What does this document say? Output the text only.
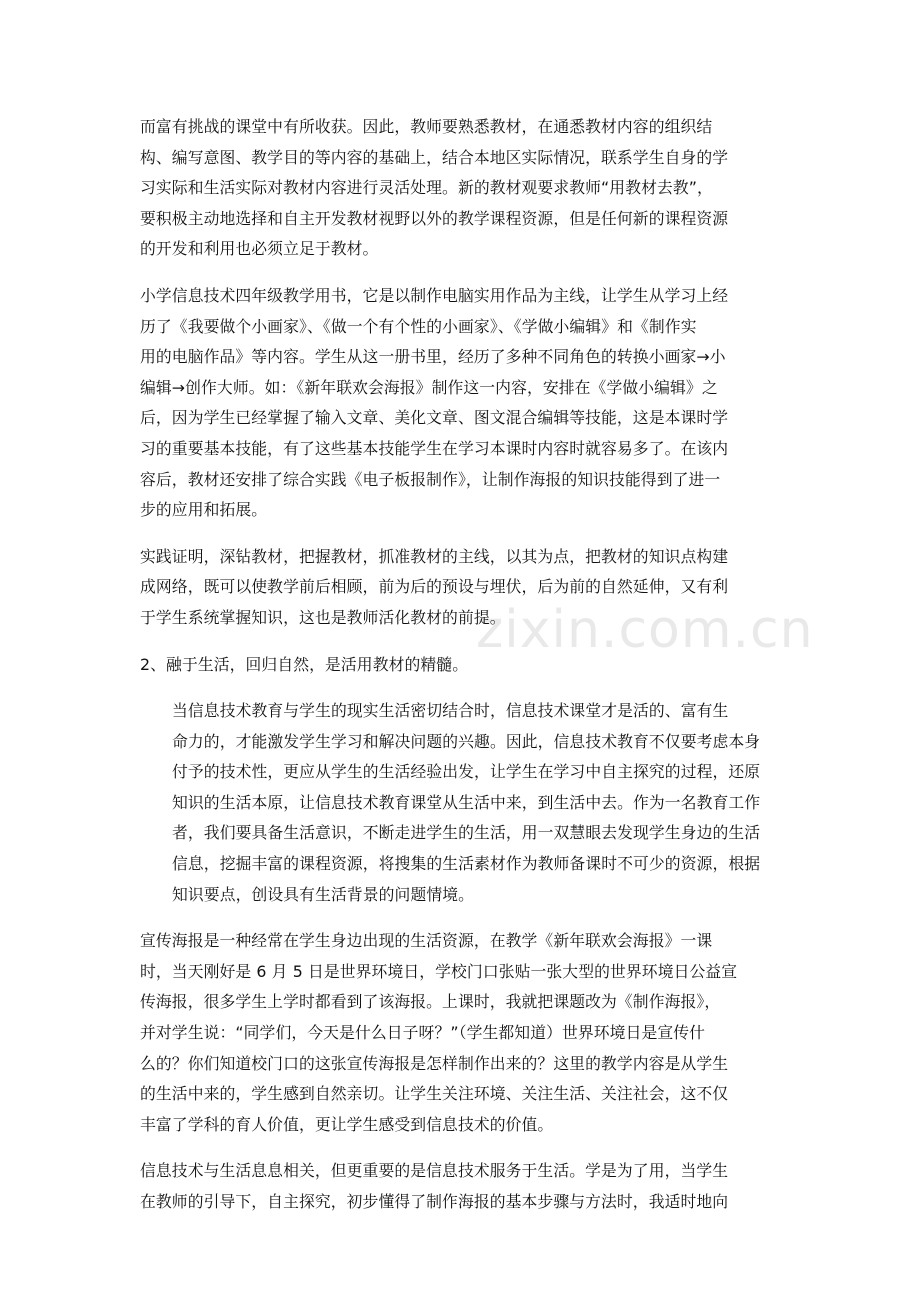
zixin.com.cn

而富有挑战的课堂中有所收获。因此，教师要熟悉教材，在通悉教材内容的组织结
构、编写意图、教学目的等内容的基础上，结合本地区实际情况，联系学生自身的学
习实际和生活实际对教材内容进行灵活处理。新的教材观要求教师“用教材去教”，
要积极主动地选择和自主开发教材视野以外的教学课程资源，但是任何新的课程资源
的开发和利用也必须立足于教材。

小学信息技术四年级教学用书，它是以制作电脑实用作品为主线，让学生从学习上经
历了《我要做个小画家》、《做一个有个性的小画家》、《学做小编辑》和《制作实
用的电脑作品》等内容。学生从这一册书里，经历了多种不同角色的转换小画家→小
编辑→创作大师。如：《新年联欢会海报》制作这一内容，安排在《学做小编辑》之
后，因为学生已经掌握了输入文章、美化文章、图文混合编辑等技能，这是本课时学
习的重要基本技能，有了这些基本技能学生在学习本课时内容时就容易多了。在该内
容后，教材还安排了综合实践《电子板报制作》，让制作海报的知识技能得到了进一
步的应用和拓展。

实践证明，深钻教材，把握教材，抓准教材的主线，以其为点，把教材的知识点构建
成网络，既可以使教学前后相顾，前为后的预设与埋伏，后为前的自然延伸，又有利
于学生系统掌握知识，这也是教师活化教材的前提。

2、融于生活，回归自然，是活用教材的精髓。

当信息技术教育与学生的现实生活密切结合时，信息技术课堂才是活的、富有生
命力的，才能激发学生学习和解决问题的兴趣。因此，信息技术教育不仅要考虑本身
付予的技术性，更应从学生的生活经验出发，让学生在学习中自主探究的过程，还原
知识的生活本原，让信息技术教育课堂从生活中来，到生活中去。作为一名教育工作
者，我们要具备生活意识，不断走进学生的生活，用一双慧眼去发现学生身边的生活
信息，挖掘丰富的课程资源，将搜集的生活素材作为教师备课时不可少的资源，根据
知识要点，创设具有生活背景的问题情境。

宣传海报是一种经常在学生身边出现的生活资源，在教学《新年联欢会海报》一课
时，当天刚好是 6 月 5 日是世界环境日，学校门口张贴一张大型的世界环境日公益宣
传海报，很多学生上学时都看到了该海报。上课时，我就把课题改为《制作海报》，
并对学生说：“同学们，今天是什么日子呀？”（学生都知道）世界环境日是宣传什
么的？你们知道校门口的这张宣传海报是怎样制作出来的？这里的教学内容是从学生
的生活中来的，学生感到自然亲切。让学生关注环境、关注生活、关注社会，这不仅
丰富了学科的育人价值，更让学生感受到信息技术的价值。

信息技术与生活息息相关，但更重要的是信息技术服务于生活。学是为了用，当学生
在教师的引导下，自主探究，初步懂得了制作海报的基本步骤与方法时，我适时地向
